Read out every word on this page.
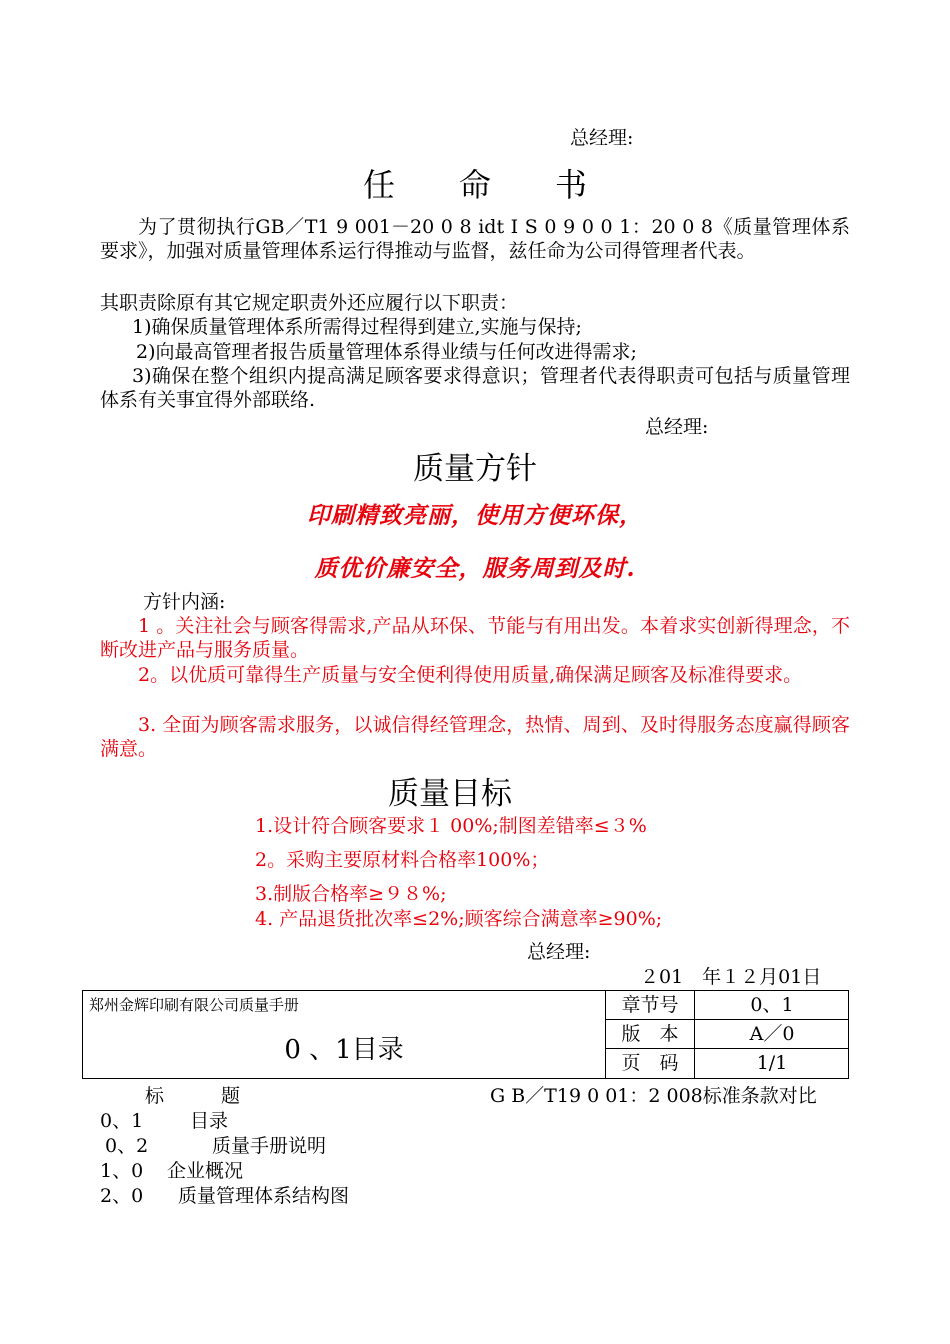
总经理:
任　　命　　书
为了贯彻执行GB／T1 9 001－20 0 8 idt I S 0 9 0 0 1：20 0 8《质量管理体系　要求》，加强对质量管理体系运行得推动与监督，兹任命为公司得管理者代表。
其职责除原有其它规定职责外还应履行以下职责：
1)确保质量管理体系所需得过程得到建立,实施与保持;
2)向最高管理者报告质量管理体系得业绩与任何改进得需求;
3)确保在整个组织内提高满足顾客要求得意识；管理者代表得职责可包括与质量管理体系有关事宜得外部联络.
总经理:
质量方针
印刷精致亮丽，使用方便环保，
质优价廉安全，服务周到及时.
方针内涵:
1 。关注社会与顾客得需求,产品从环保、节能与有用出发。本着求实创新得理念，不断改进产品与服务质量。
2。以优质可靠得生产质量与安全便利得使用质量,确保满足顾客及标准得要求。
3. 全面为顾客需求服务，以诚信得经管理念，热情、周到、及时得服务态度赢得顾客满意。
质量目标
1.设计符合顾客要求１ 00%;制图差错率≤３%
2。采购主要原材料合格率100%；
3.制版合格率≥９８%;
4. 产品退货批次率≤2%;顾客综合满意率≥90%;
总经理:
２01　年１２月01日
郑州金辉印刷有限公司质量手册
0 、1目录
章节号	0、1
版　本	A／0
页　码	1/1
标　　　题	G B／T19 0 01：2 008标准条款对比
0、1 目录
0、2	质量手册说明
1、0 企业概况
2、0 质量管理体系结构图
